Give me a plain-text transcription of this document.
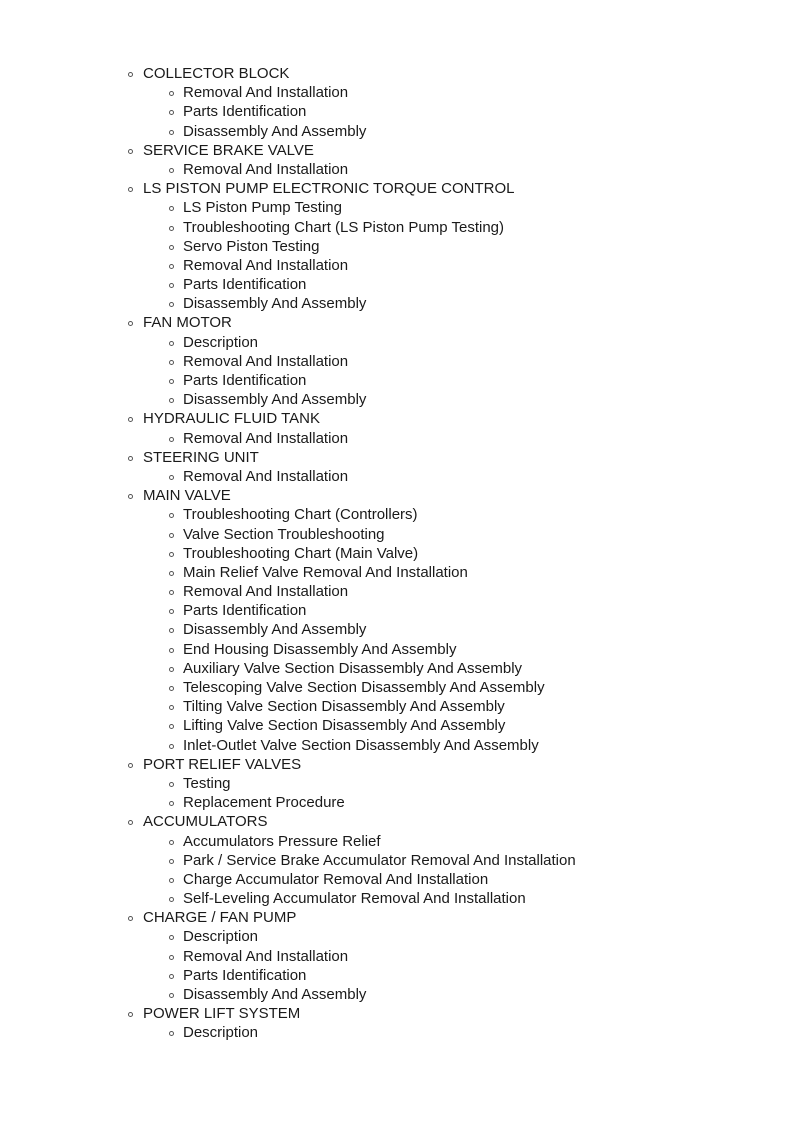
COLLECTOR BLOCK
Removal And Installation
Parts Identification
Disassembly And Assembly
SERVICE BRAKE VALVE
Removal And Installation
LS PISTON PUMP ELECTRONIC TORQUE CONTROL
LS Piston Pump Testing
Troubleshooting Chart (LS Piston Pump Testing)
Servo Piston Testing
Removal And Installation
Parts Identification
Disassembly And Assembly
FAN MOTOR
Description
Removal And Installation
Parts Identification
Disassembly And Assembly
HYDRAULIC FLUID TANK
Removal And Installation
STEERING UNIT
Removal And Installation
MAIN VALVE
Troubleshooting Chart (Controllers)
Valve Section Troubleshooting
Troubleshooting Chart (Main Valve)
Main Relief Valve Removal And Installation
Removal And Installation
Parts Identification
Disassembly And Assembly
End Housing Disassembly And Assembly
Auxiliary Valve Section Disassembly And Assembly
Telescoping Valve Section Disassembly And Assembly
Tilting Valve Section Disassembly And Assembly
Lifting Valve Section Disassembly And Assembly
Inlet-Outlet Valve Section Disassembly And Assembly
PORT RELIEF VALVES
Testing
Replacement Procedure
ACCUMULATORS
Accumulators Pressure Relief
Park / Service Brake Accumulator Removal And Installation
Charge Accumulator Removal And Installation
Self-Leveling Accumulator Removal And Installation
CHARGE / FAN PUMP
Description
Removal And Installation
Parts Identification
Disassembly And Assembly
POWER LIFT SYSTEM
Description
